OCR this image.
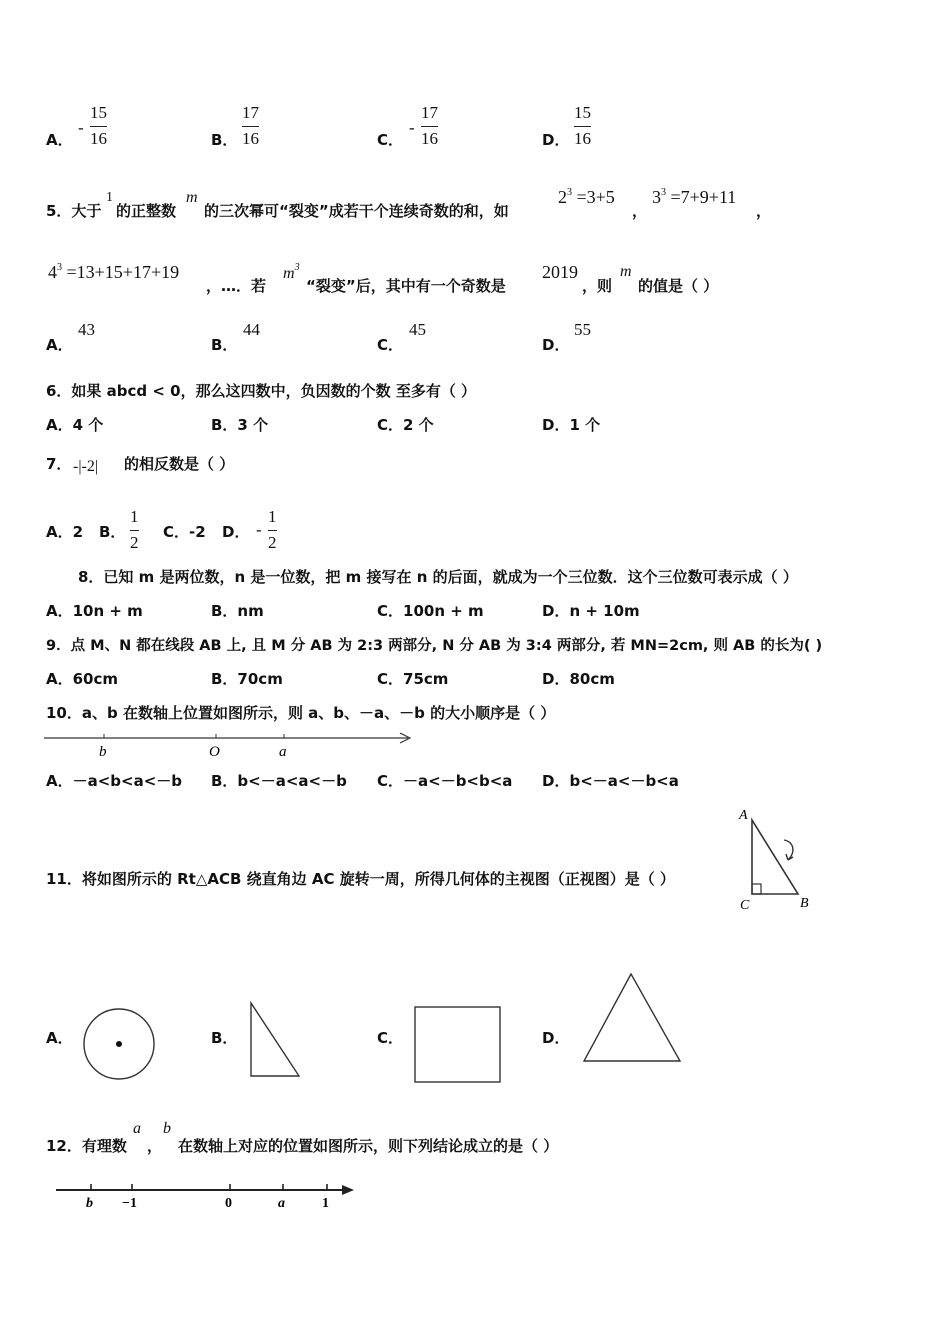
A．
-
15
16	B．
17
16	C．
-
17
16	D．
15
16
5．大于
1
的正整数
m
的三次幂可“裂变”成若干个连续奇数的和，如
$2^3 =3+5$
，
$3^3 =7+9+11$
，
$4^3 =13+15+17+19$
，…．若
$m^3$
“裂变”后，其中有一个奇数是
2019
，则
m
的值是（ ）
A．
43
B．
44
C．
45
D．
55
6．如果 abcd < 0，那么这四数中，负因数的个数 至多有（ ）
A．4 个	B．3 个	C．2 个	D．1 个
7． -|-2| 的相反数是（ ）
A．2 B．
1
2
C．-2 D． -
1
2
8．已知 m 是两位数，n 是一位数，把 m 接写在 n 的后面，就成为一个三位数．这个三位数可表示成（ ）
A．10n + m	B．nm	C．100n + m	D．n + 10m
9．点 M、N 都在线段 AB 上, 且 M 分 AB 为 2:3 两部分, N 分 AB 为 3:4 两部分, 若 MN=2cm, 则 AB 的长为( )
A．60cm	B．70cm	C．75cm	D．80cm
10．a、b 在数轴上位置如图所示，则 a、b、－a、－b 的大小顺序是（ ）
b	O	a
A．－a<b<a<－b B．b<－a<a<－b C．－a<－b<b<a D．b<－a<－b<a
11．将如图所示的 Rt△ACB 绕直角边 AC 旋转一周，所得几何体的主视图（正视图）是（ ）
A
B
C
A．	B．	C．	D．
12．有理数
a
，
b
在数轴上对应的位置如图所示，则下列结论成立的是（ ）
b −1	0	a	1
